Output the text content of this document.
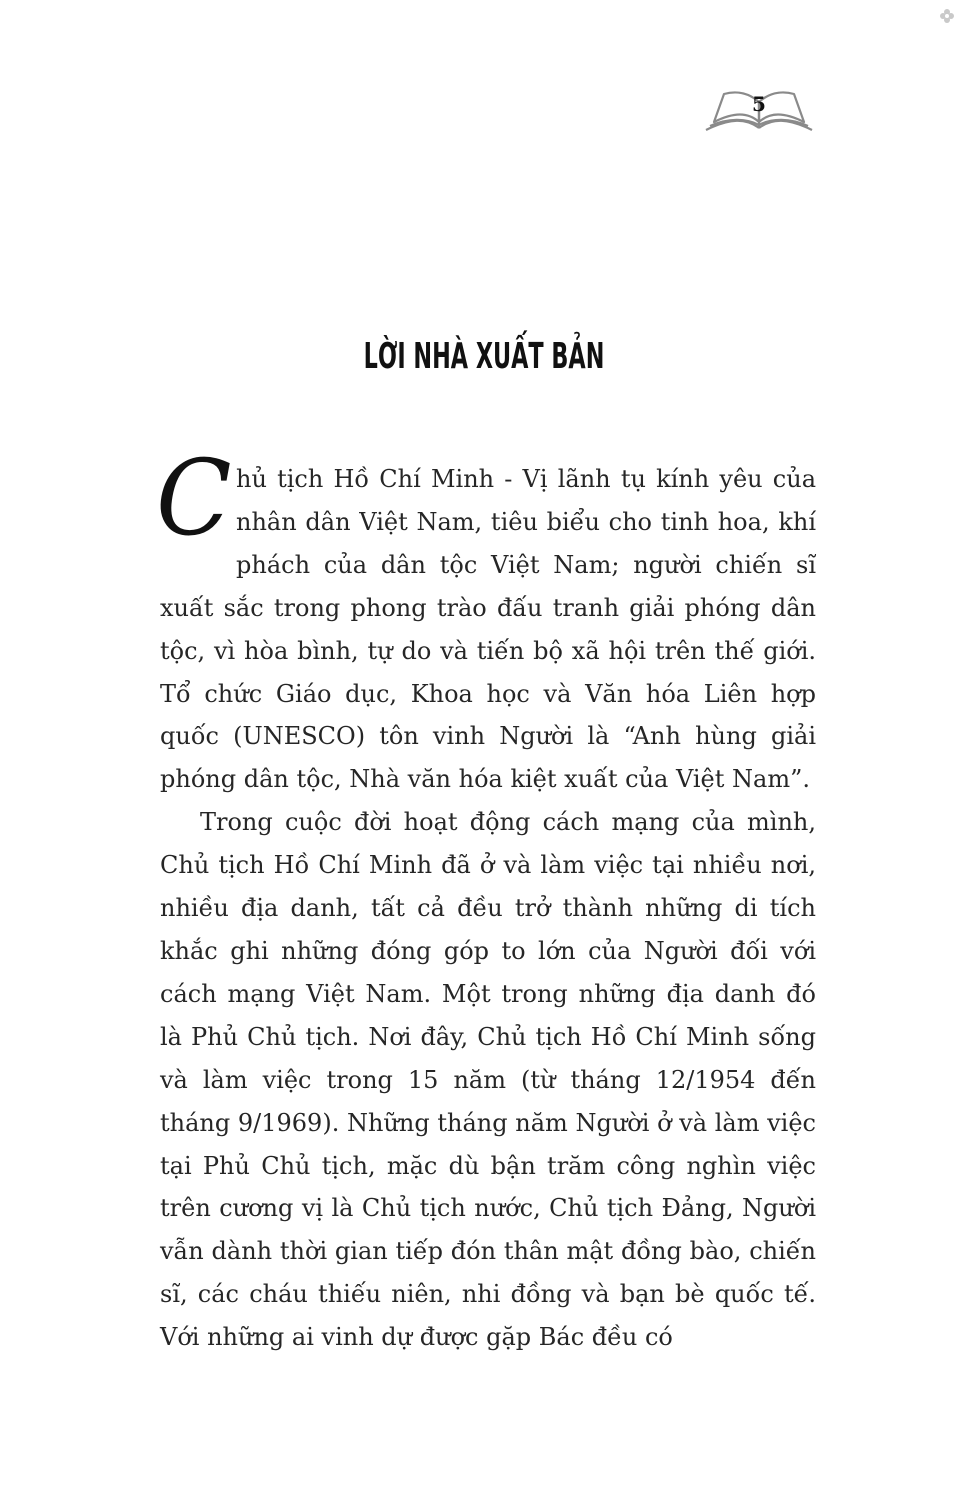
5
LỜI NHÀ XUẤT BẢN

C hủ tịch Hồ Chí Minh - Vị lãnh tụ kính yêu của nhân dân Việt Nam, tiêu biểu cho tinh hoa, khí phách của dân tộc Việt Nam; người chiến sĩ xuất sắc trong phong trào đấu tranh giải phóng dân tộc, vì hòa bình, tự do và tiến bộ xã hội trên thế giới. Tổ chức Giáo dục, Khoa học và Văn hóa Liên hợp quốc (UNESCO) tôn vinh Người là “Anh hùng giải phóng dân tộc, Nhà văn hóa kiệt xuất của Việt Nam”.

Trong cuộc đời hoạt động cách mạng của mình, Chủ tịch Hồ Chí Minh đã ở và làm việc tại nhiều nơi, nhiều địa danh, tất cả đều trở thành những di tích khắc ghi những đóng góp to lớn của Người đối với cách mạng Việt Nam. Một trong những địa danh đó là Phủ Chủ tịch. Nơi đây, Chủ tịch Hồ Chí Minh sống và làm việc trong 15 năm (từ tháng 12/1954 đến tháng 9/1969). Những tháng năm Người ở và làm việc tại Phủ Chủ tịch, mặc dù bận trăm công nghìn việc trên cương vị là Chủ tịch nước, Chủ tịch Đảng, Người vẫn dành thời gian tiếp đón thân mật đồng bào, chiến sĩ, các cháu thiếu niên, nhi đồng và bạn bè quốc tế. Với những ai vinh dự được gặp Bác đều có
